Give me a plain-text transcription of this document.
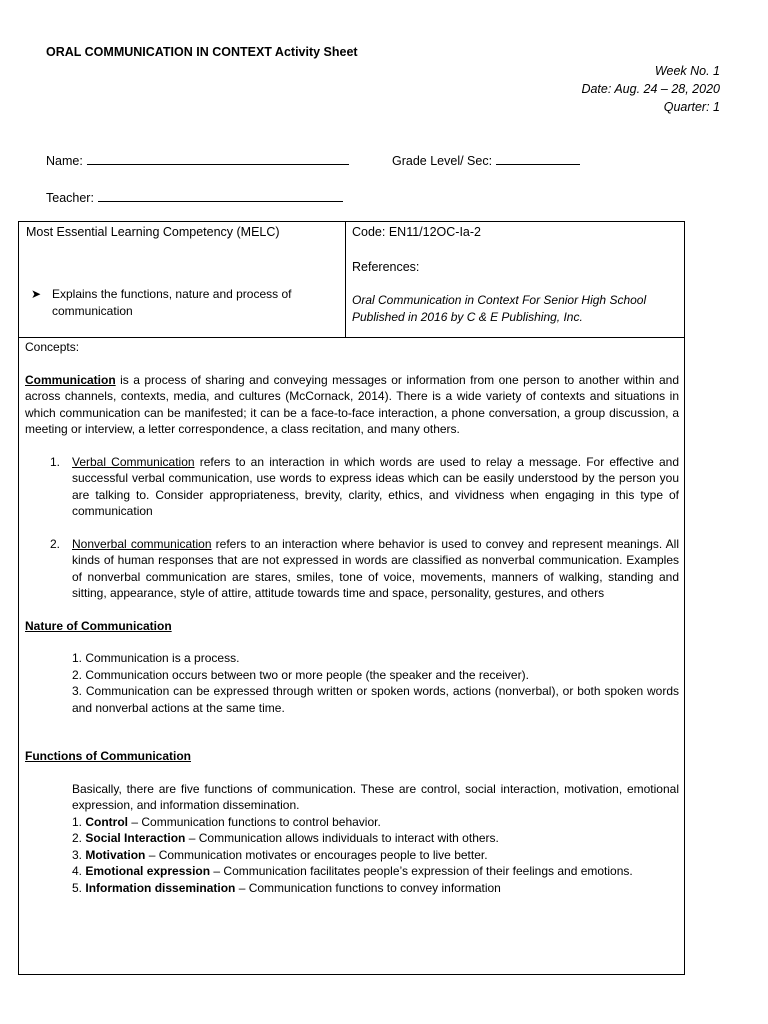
ORAL COMMUNICATION IN CONTEXT Activity Sheet
Week No. 1
Date: Aug. 24 – 28, 2020
Quarter: 1
Name:	Grade Level/ Sec:
Teacher:
Most Essential Learning Competency (MELC)
➤ Explains the functions, nature and process of communication
Code: EN11/12OC-Ia-2
References:
Oral Communication in Context For Senior High School Published in 2016 by C & E Publishing, Inc.
Concepts:
Communication is a process of sharing and conveying messages or information from one person to another within and across channels, contexts, media, and cultures (McCornack, 2014). There is a wide variety of contexts and situations in which communication can be manifested; it can be a face-to-face interaction, a phone conversation, a group discussion, a meeting or interview, a letter correspondence, a class recitation, and many others.
1. Verbal Communication refers to an interaction in which words are used to relay a message. For effective and successful verbal communication, use words to express ideas which can be easily understood by the person you are talking to. Consider appropriateness, brevity, clarity, ethics, and vividness when engaging in this type of communication
2. Nonverbal communication refers to an interaction where behavior is used to convey and represent meanings. All kinds of human responses that are not expressed in words are classified as nonverbal communication. Examples of nonverbal communication are stares, smiles, tone of voice, movements, manners of walking, standing and sitting, appearance, style of attire, attitude towards time and space, personality, gestures, and others
Nature of Communication
1. Communication is a process.
2. Communication occurs between two or more people (the speaker and the receiver).
3. Communication can be expressed through written or spoken words, actions (nonverbal), or both spoken words and nonverbal actions at the same time.
Functions of Communication
Basically, there are five functions of communication. These are control, social interaction, motivation, emotional expression, and information dissemination.
1. Control – Communication functions to control behavior.
2. Social Interaction – Communication allows individuals to interact with others.
3. Motivation – Communication motivates or encourages people to live better.
4. Emotional expression – Communication facilitates people’s expression of their feelings and emotions.
5. Information dissemination – Communication functions to convey information
